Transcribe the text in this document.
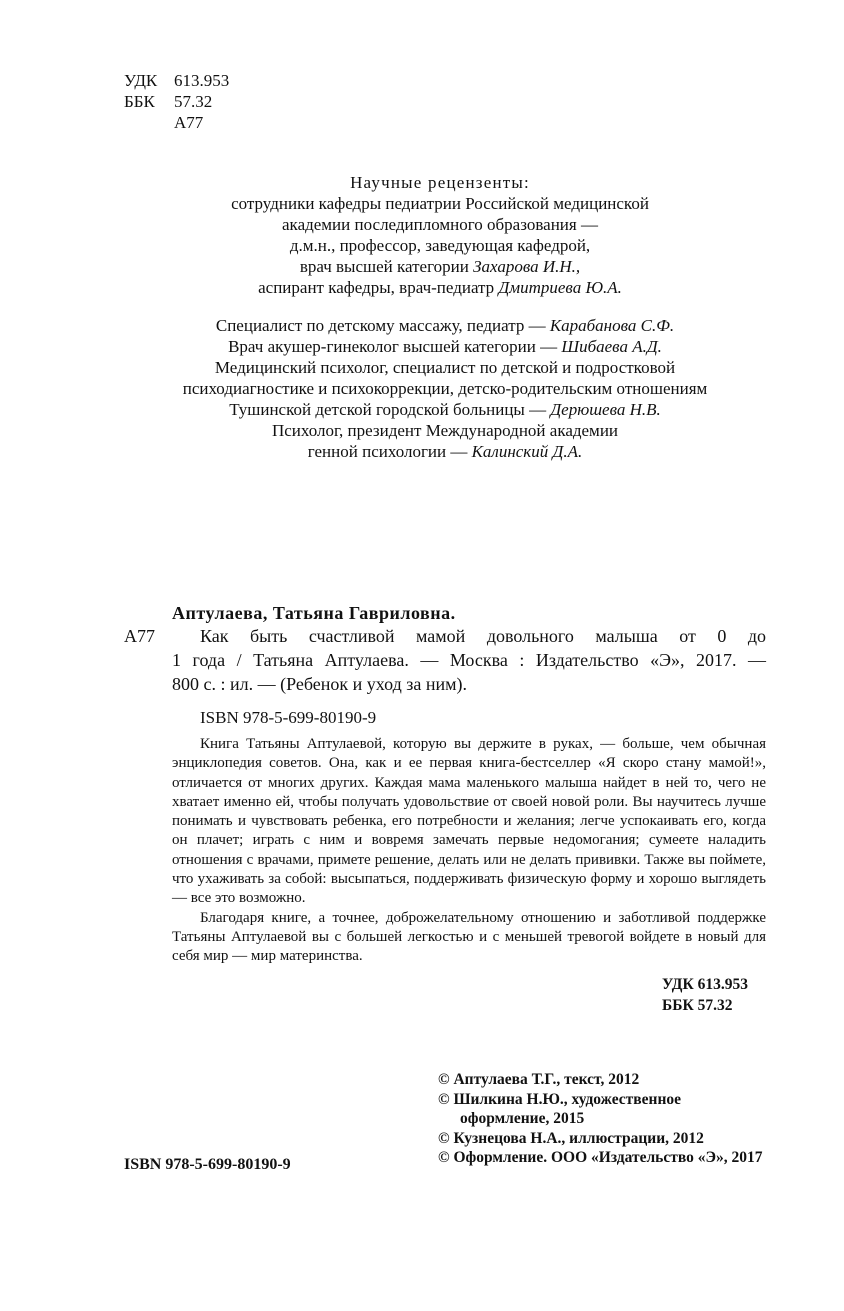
УДК 613.953
ББК 57.32
А77
Научные рецензенты:
сотрудники кафедры педиатрии Российской медицинской
академии последипломного образования —
д.м.н., профессор, заведующая кафедрой,
врач высшей категории Захарова И.Н.,
аспирант кафедры, врач-педиатр Дмитриева Ю.А.
Специалист по детскому массажу, педиатр — Карабанова С.Ф.
Врач акушер-гинеколог высшей категории — Шибаева А.Д.
Медицинский психолог, специалист по детской и подростковой
психодиагностике и психокоррекции, детско-родительским отношениям
Тушинской детской городской больницы — Дерюшева Н.В.
Психолог, президент Международной академии
генной психологии — Калинский Д.А.
Аптулаева, Татьяна Гавриловна.
А77	Как быть счастливой мамой довольного малыша от 0 до
1 года / Татьяна Аптулаева. — Москва : Издательство «Э», 2017. —
800 с. : ил. — (Ребенок и уход за ним).
ISBN 978-5-699-80190-9

Книга Татьяны Аптулаевой, которую вы держите в руках, — больше, чем обычная энциклопедия советов. Она, как и ее первая книга-бестселлер «Я скоро стану мамой!», отличается от многих других. Каждая мама маленького малыша найдет в ней то, чего не хватает именно ей, чтобы получать удовольствие от своей новой роли. Вы научитесь лучше понимать и чувствовать ребенка, его потребности и желания; легче успокаивать его, когда он плачет; играть с ним и вовремя замечать первые недомогания; сумеете наладить отношения с врачами, примете решение, делать или не делать прививки. Также вы поймете, что ухаживать за собой: высыпаться, поддерживать физическую форму и хорошо выглядеть — все это возможно.

Благодаря книге, а точнее, доброжелательному отношению и заботливой поддержке Татьяны Аптулаевой вы с большей легкостью и с меньшей тревогой войдете в новый для себя мир — мир материнства.

УДК 613.953
ББК 57.32
© Аптулаева Т.Г., текст, 2012
© Шилкина Н.Ю., художественное оформление, 2015
© Кузнецова Н.А., иллюстрации, 2012
© Оформление. ООО «Издательство «Э», 2017
ISBN 978-5-699-80190-9
